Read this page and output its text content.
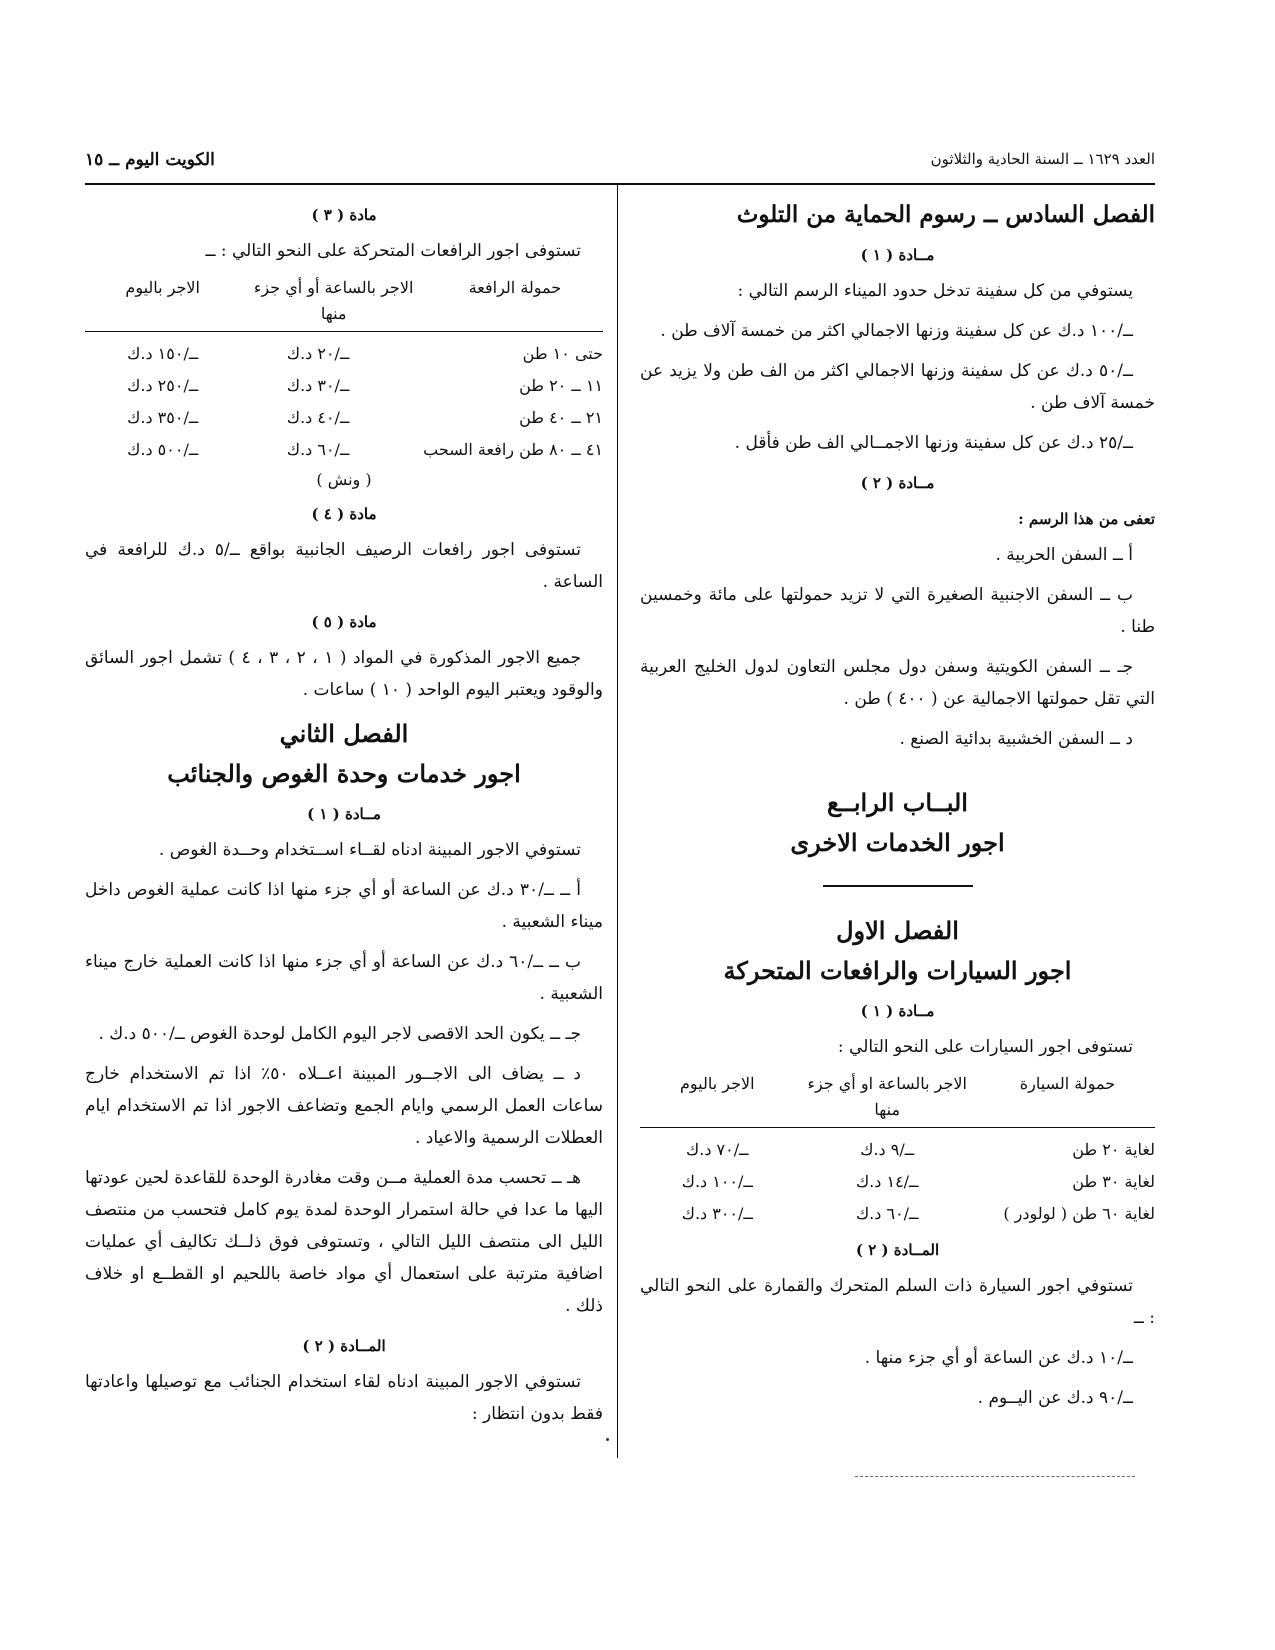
العدد ١٦٢٩ ــ السنة الحادية والثلاثون
الكويت اليوم ــ ١٥
الفصل السادس ــ رسوم الحماية من التلوث
مــادة ( ١ )
يستوفي من كل سفينة تدخل حدود الميناء الرسم التالي :
ــ/١٠٠ د.ك عن كل سفينة وزنها الاجمالي اكثر من خمسة آلاف طن .
ــ/٥٠ د.ك عن كل سفينة وزنها الاجمالي اكثر من الف طن ولا يزيد عن خمسة آلاف طن .
ــ/٢٥ د.ك عن كل سفينة وزنها الاجمــالي الف طن فأقل .
مــادة ( ٢ )
تعفى من هذا الرسم :
أ ــ السفن الحربية .
ب ــ السفن الاجنبية الصغيرة التي لا تزيد حمولتها على مائة وخمسين طنا .
جـ ــ السفن الكويتية وسفن دول مجلس التعاون لدول الخليج العربية التي تقل حمولتها الاجمالية عن ( ٤٠٠ ) طن .
د ــ السفن الخشبية بدائية الصنع .
البــاب الرابــع
اجور الخدمات الاخرى
الفصل الاول
اجور السيارات والرافعات المتحركة
مــادة ( ١ )
تستوفى اجور السيارات على النحو التالي :
حمولة السيارة
الاجر بالساعة او أي جزء منها
الاجر باليوم
لغاية ٢٠ طن
ــ/٩ د.ك
ــ/٧٠ د.ك
لغاية ٣٠ طن
ــ/١٤ د.ك
ــ/١٠٠ د.ك
لغاية ٦٠ طن ( لولودر )
ــ/٦٠ د.ك
ــ/٣٠٠ د.ك
المــادة ( ٢ )
تستوفي اجور السيارة ذات السلم المتحرك والقمارة على النحو التالي : ــ
ــ/١٠ د.ك عن الساعة أو أي جزء منها .
ــ/٩٠ د.ك عن اليــوم .
مادة ( ٣ )
تستوفى اجور الرافعات المتحركة على النحو التالي : ــ
حمولة الرافعة
الاجر بالساعة أو أي جزء منها
الاجر باليوم
حتى ١٠ طن
ــ/٢٠ د.ك
ــ/١٥٠ د.ك
١١ ــ ٢٠ طن
ــ/٣٠ د.ك
ــ/٢٥٠ د.ك
٢١ ــ ٤٠ طن
ــ/٤٠ د.ك
ــ/٣٥٠ د.ك
٤١ ــ ٨٠ طن رافعة السحب
ــ/٦٠ د.ك
ــ/٥٠٠ د.ك
( ونش )
مادة ( ٤ )
تستوفى اجور رافعات الرصيف الجانبية بواقع ــ/٥ د.ك للرافعة في الساعة .
مادة ( ٥ )
جميع الاجور المذكورة في المواد ( ١ ، ٢ ، ٣ ، ٤ ) تشمل اجور السائق والوقود ويعتبر اليوم الواحد ( ١٠ ) ساعات .
الفصل الثاني
اجور خدمات وحدة الغوص والجنائب
مــادة ( ١ )
تستوفي الاجور المبينة ادناه لقــاء اســتخدام وحــدة الغوص .
أ ــ ــ/٣٠ د.ك عن الساعة أو أي جزء منها اذا كانت عملية الغوص داخل ميناء الشعبية .
ب ــ ــ/٦٠ د.ك عن الساعة أو أي جزء منها اذا كانت العملية خارج ميناء الشعبية .
جـ ــ يكون الحد الاقصى لاجر اليوم الكامل لوحدة الغوص ــ/٥٠٠ د.ك .
د ــ يضاف الى الاجــور المبينة اعــلاه ٥٠٪ اذا تم الاستخدام خارج ساعات العمل الرسمي وايام الجمع وتضاعف الاجور اذا تم الاستخدام ايام العطلات الرسمية والاعياد .
هـ ــ تحسب مدة العملية مــن وقت مغادرة الوحدة للقاعدة لحين عودتها اليها ما عدا في حالة استمرار الوحدة لمدة يوم كامل فتحسب من منتصف الليل الى منتصف الليل التالي ، وتستوفى فوق ذلــك تكاليف أي عمليات اضافية مترتبة على استعمال أي مواد خاصة باللحيم او القطــع او خلاف ذلك .
المــادة ( ٢ )
تستوفي الاجور المبينة ادناه لقاء استخدام الجنائب مع توصيلها واعادتها فقط بدون انتظار :
